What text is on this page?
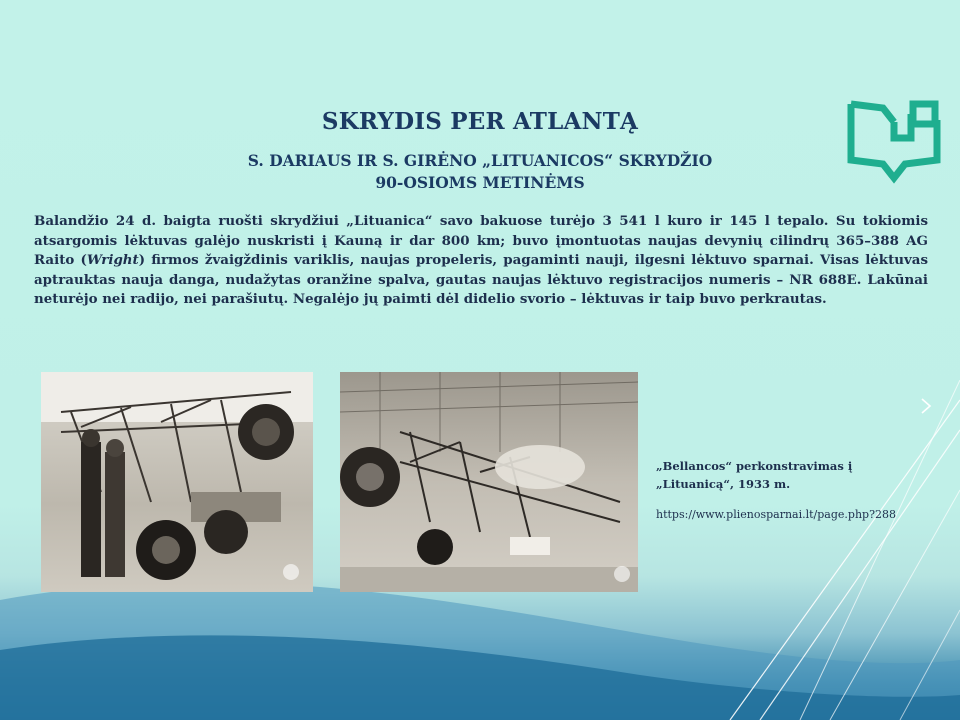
SKRYDIS PER ATLANTĄ
S. DARIAUS IR S. GIRĖNO „LITUANICOS“ SKRYDŽIO
90-OSIOMS METINĖMS
Balandžio 24 d. baigta ruošti skrydžiui „Lituanica“ savo bakuose turėjo 3 541 l kuro ir 145 l tepalo. Su tokiomis atsargomis lėktuvas galėjo nuskristi į Kauną ir dar 800 km; buvo įmontuotas naujas devynių cilindrų 365–388 AG Raito (Wright) firmos žvaigždinis variklis, naujas propeleris, pagaminti nauji, ilgesni lėktuvo sparnai. Visas lėktuvas aptrauktas nauja danga, nudažytas oranžine spalva, gautas naujas lėktuvo registracijos numeris – NR 688E. Lakūnai neturėjo nei radijo, nei parašiutų. Negalėjo jų paimti dėl didelio svorio – lėktuvas ir taip buvo perkrautas.
„Bellancos“ perkonstravimas į
„Lituanicą“, 1933 m.
https://www.plienosparnai.lt/page.php?288
